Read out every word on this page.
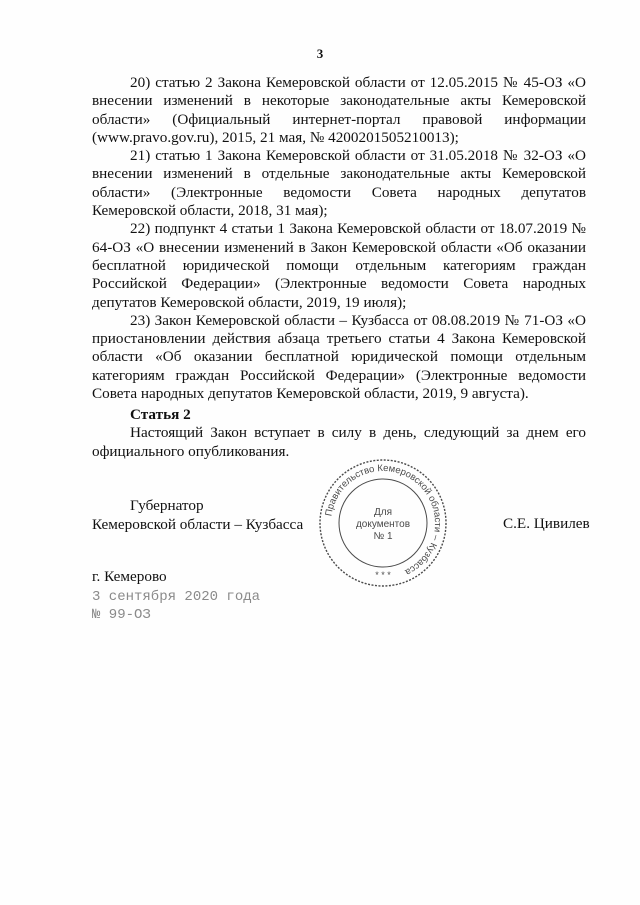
3

20) статью 2 Закона Кемеровской области от 12.05.2015 № 45-ОЗ «О внесении изменений в некоторые законодательные акты Кемеровской области» (Официальный интернет-портал правовой информации (www.pravo.gov.ru), 2015, 21 мая, № 4200201505210013);

21) статью 1 Закона Кемеровской области от 31.05.2018 № 32-ОЗ «О внесении изменений в отдельные законодательные акты Кемеровской области» (Электронные ведомости Совета народных депутатов Кемеровской области, 2018, 31 мая);

22) подпункт 4 статьи 1 Закона Кемеровской области от 18.07.2019 № 64-ОЗ «О внесении изменений в Закон Кемеровской области «Об оказании бесплатной юридической помощи отдельным категориям граждан Российской Федерации» (Электронные ведомости Совета народных депутатов Кемеровской области, 2019, 19 июля);

23) Закон Кемеровской области – Кузбасса от 08.08.2019 № 71-ОЗ «О приостановлении действия абзаца третьего статьи 4 Закона Кемеровской области «Об оказании бесплатной юридической помощи отдельным категориям граждан Российской Федерации» (Электронные ведомости Совета народных депутатов Кемеровской области, 2019, 9 августа).

Статья 2

Настоящий Закон вступает в силу в день, следующий за днем его официального опубликования.

Губернатор
Кемеровской области – Кузбасса
Правительство Кемеровской области – Кузбасса
Для
документов
№ 1
* * *
С.Е. Цивилев
г. Кемерово
3 сентября 2020 года
№ 99-ОЗ
